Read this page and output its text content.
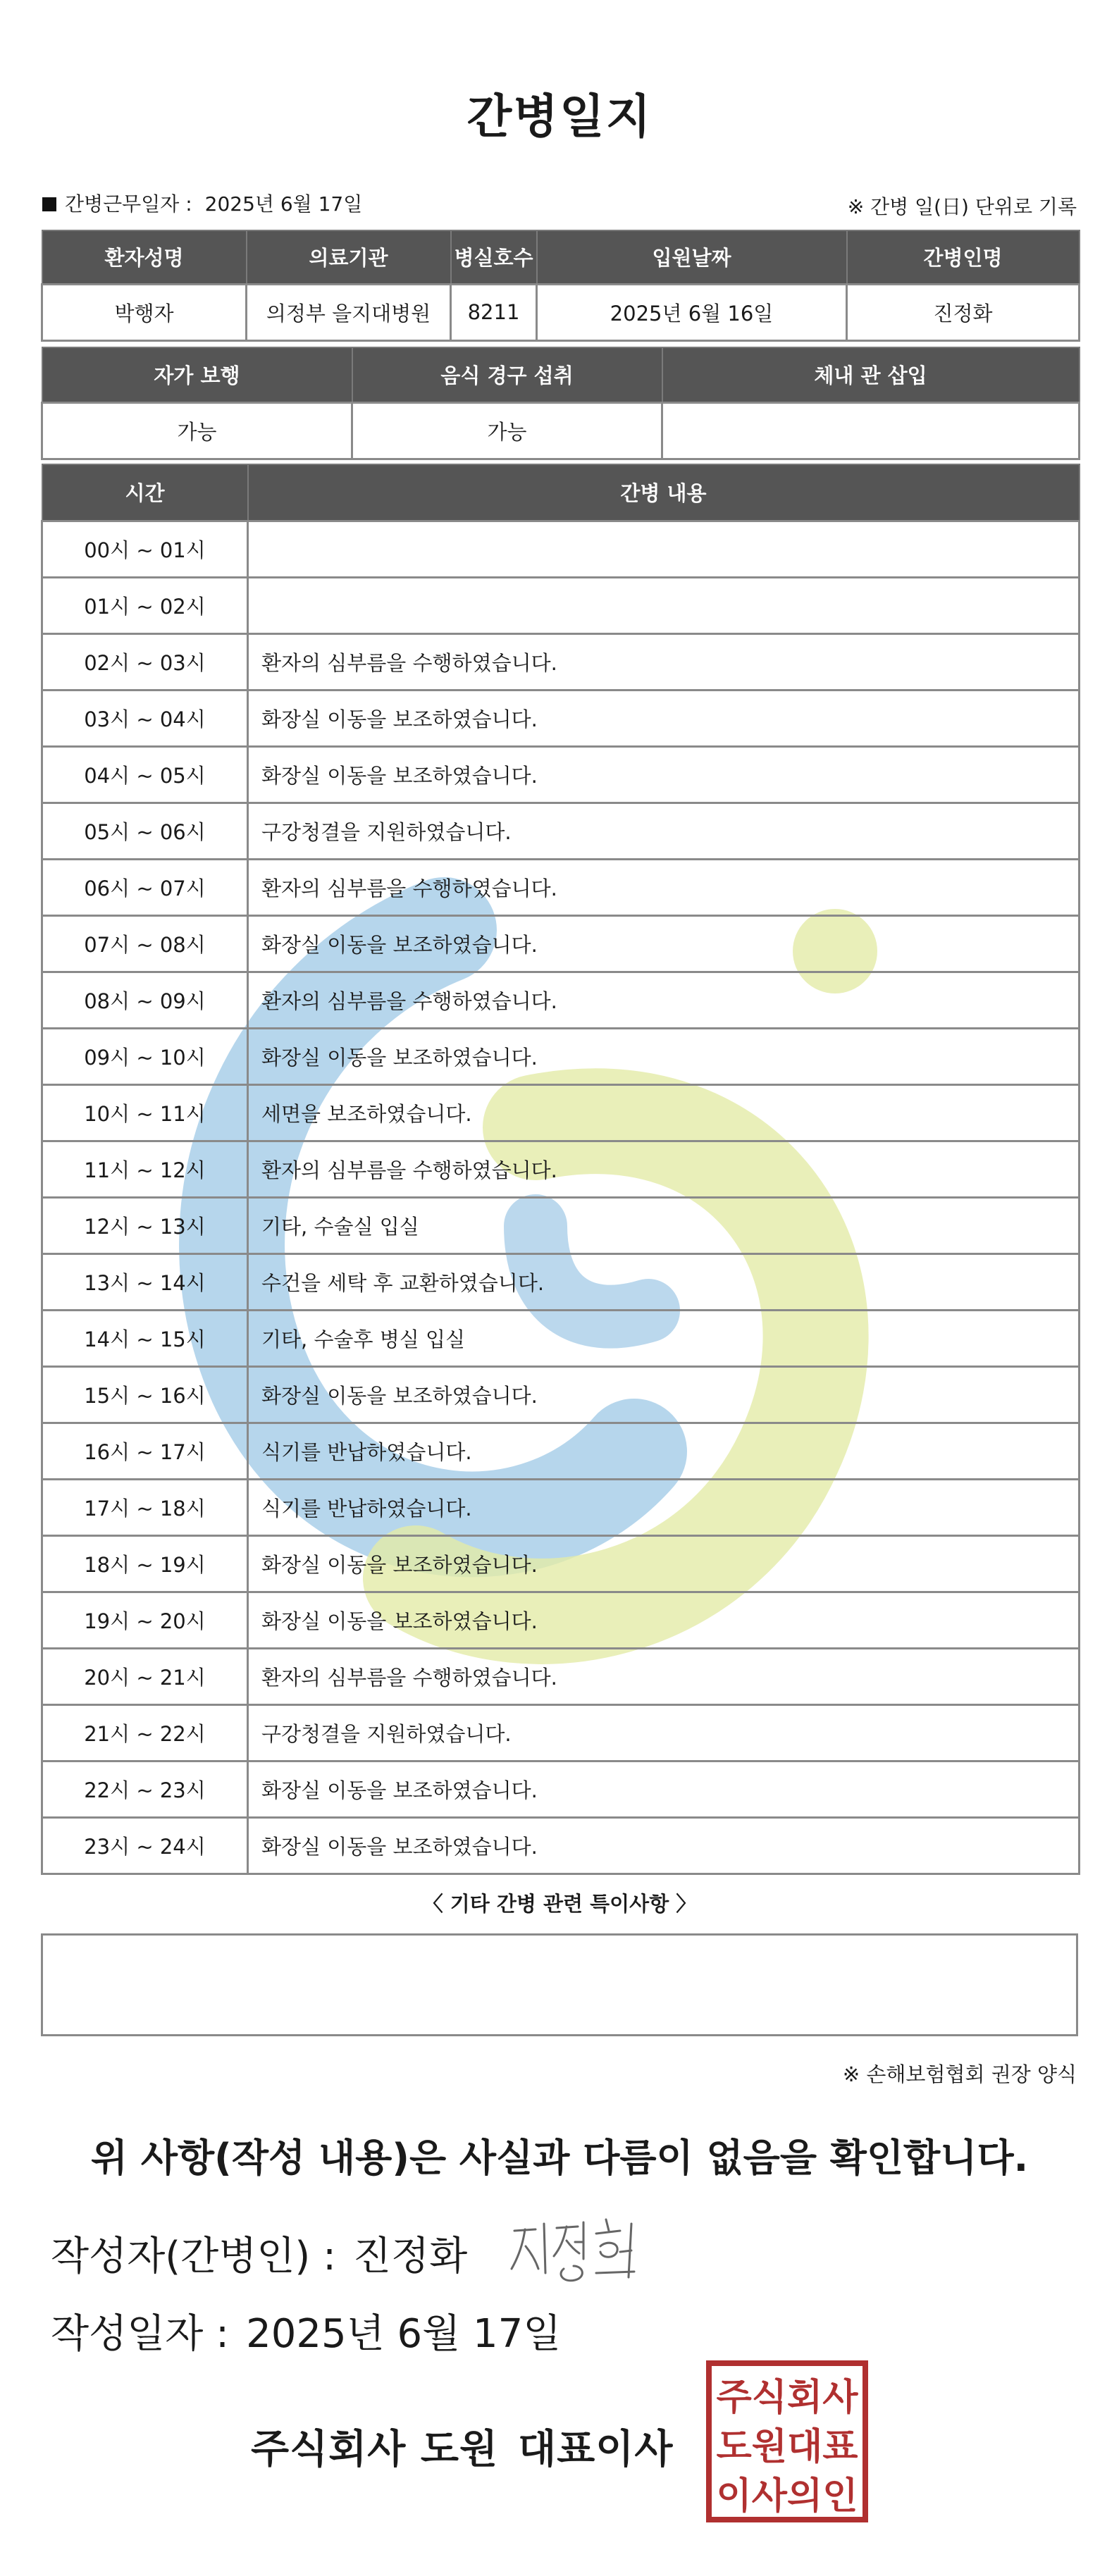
간병일지
간병근무일자 : 2025년 6월 17일	※ 간병 일(日) 단위로 기록
환자성명	의료기관	병실호수	입원날짜	간병인명
박행자	의정부 을지대병원	8211	2025년 6월 16일	진정화
자가 보행	음식 경구 섭취	체내 관 삽입
가능	가능	
시간	간병 내용
00시 ~ 01시	
01시 ~ 02시	
02시 ~ 03시	환자의 심부름을 수행하였습니다.
03시 ~ 04시	화장실 이동을 보조하였습니다.
04시 ~ 05시	화장실 이동을 보조하였습니다.
05시 ~ 06시	구강청결을 지원하였습니다.
06시 ~ 07시	환자의 심부름을 수행하였습니다.
07시 ~ 08시	화장실 이동을 보조하였습니다.
08시 ~ 09시	환자의 심부름을 수행하였습니다.
09시 ~ 10시	화장실 이동을 보조하였습니다.
10시 ~ 11시	세면을 보조하였습니다.
11시 ~ 12시	환자의 심부름을 수행하였습니다.
12시 ~ 13시	기타, 수술실 입실
13시 ~ 14시	수건을 세탁 후 교환하였습니다.
14시 ~ 15시	기타, 수술후 병실 입실
15시 ~ 16시	화장실 이동을 보조하였습니다.
16시 ~ 17시	식기를 반납하였습니다.
17시 ~ 18시	식기를 반납하였습니다.
18시 ~ 19시	화장실 이동을 보조하였습니다.
19시 ~ 20시	화장실 이동을 보조하였습니다.
20시 ~ 21시	환자의 심부름을 수행하였습니다.
21시 ~ 22시	구강청결을 지원하였습니다.
22시 ~ 23시	화장실 이동을 보조하였습니다.
23시 ~ 24시	화장실 이동을 보조하였습니다.
〈 기타 간병 관련 특이사항 〉
※ 손해보험협회 권장 양식
위 사항(작성 내용)은 사실과 다름이 없음을 확인합니다.
작성자(간병인) : 진정화
작성일자 : 2025년 6월 17일
주식회사 도원 대표이사
주식회사
도원대표
이사의인
